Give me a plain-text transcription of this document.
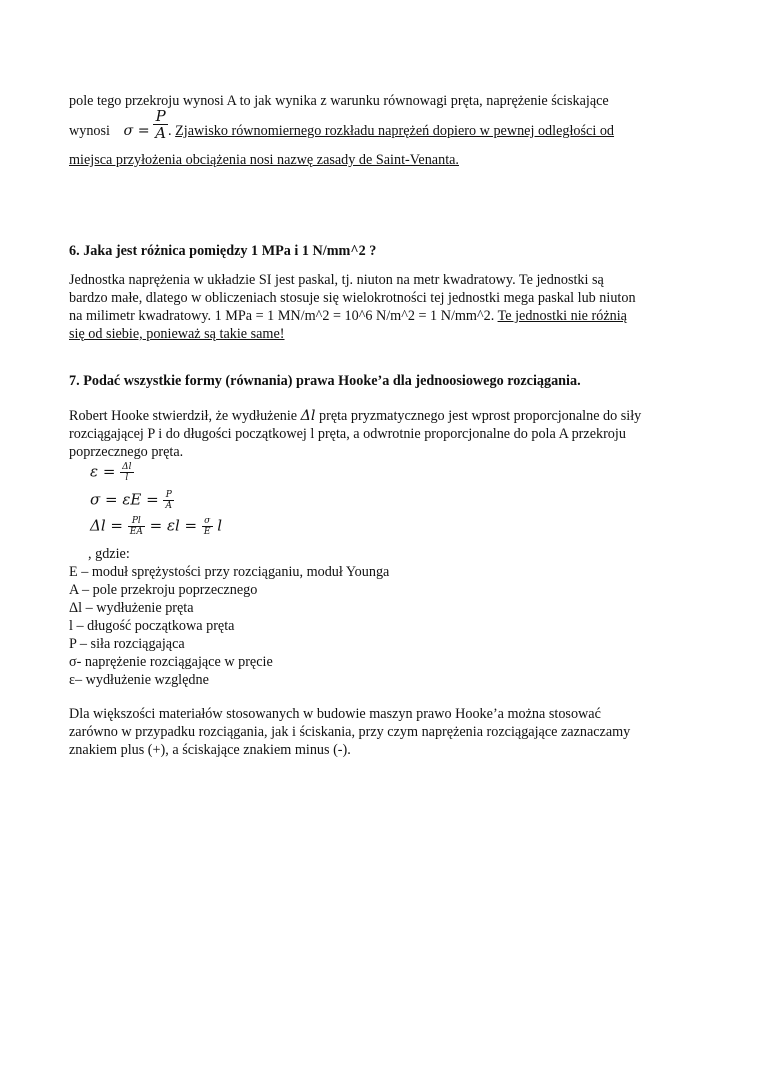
pole tego przekroju wynosi A to jak wynika z warunku równowagi pręta, naprężenie ściskające
wynosi $\sigma = \frac{P}{A}$ . Zjawisko równomiernego rozkładu naprężeń dopiero w pewnej odległości od
miejsca przyłożenia obciążenia nosi nazwę zasady de Saint-Venanta.
6. Jaka jest różnica pomiędzy 1 MPa i 1 N/mm^2 ?
Jednostka naprężenia w układzie SI jest paskal, tj. niuton na metr kwadratowy. Te jednostki są
bardzo małe, dlatego w obliczeniach stosuje się wielokrotności tej jednostki mega paskal lub niuton
na milimetr kwadratowy. 1 MPa = 1 MN/m^2 = 10^6 N/m^2 = 1 N/mm^2. Te jednostki nie różnią
się od siebie, ponieważ są takie same!
7. Podać wszystkie formy (równania) prawa Hooke’a dla jednoosiowego rozciągania.
Robert Hooke stwierdził, że wydłużenie Δl pręta pryzmatycznego jest wprost proporcjonalne do siły
rozciągającej P i do długości początkowej l pręta, a odwrotnie proporcjonalne do pola A przekroju
poprzecznego pręta.
$\varepsilon = \frac{\Delta l}{l}$
$\sigma = \varepsilon E = \frac{P}{A}$
$\Delta l = \frac{Pl}{EA} = \varepsilon l = \frac{\sigma}{E}$ l
, gdzie:
E – moduł sprężystości przy rozciąganiu, moduł Younga
A – pole przekroju poprzecznego
Δl – wydłużenie pręta
l – długość początkowa pręta
P – siła rozciągająca
σ- naprężenie rozciągające w pręcie
ε– wydłużenie względne
Dla większości materiałów stosowanych w budowie maszyn prawo Hooke’a można stosować
zarówno w przypadku rozciągania, jak i ściskania, przy czym naprężenia rozciągające zaznaczamy
znakiem plus (+), a ściskające znakiem minus (-).
